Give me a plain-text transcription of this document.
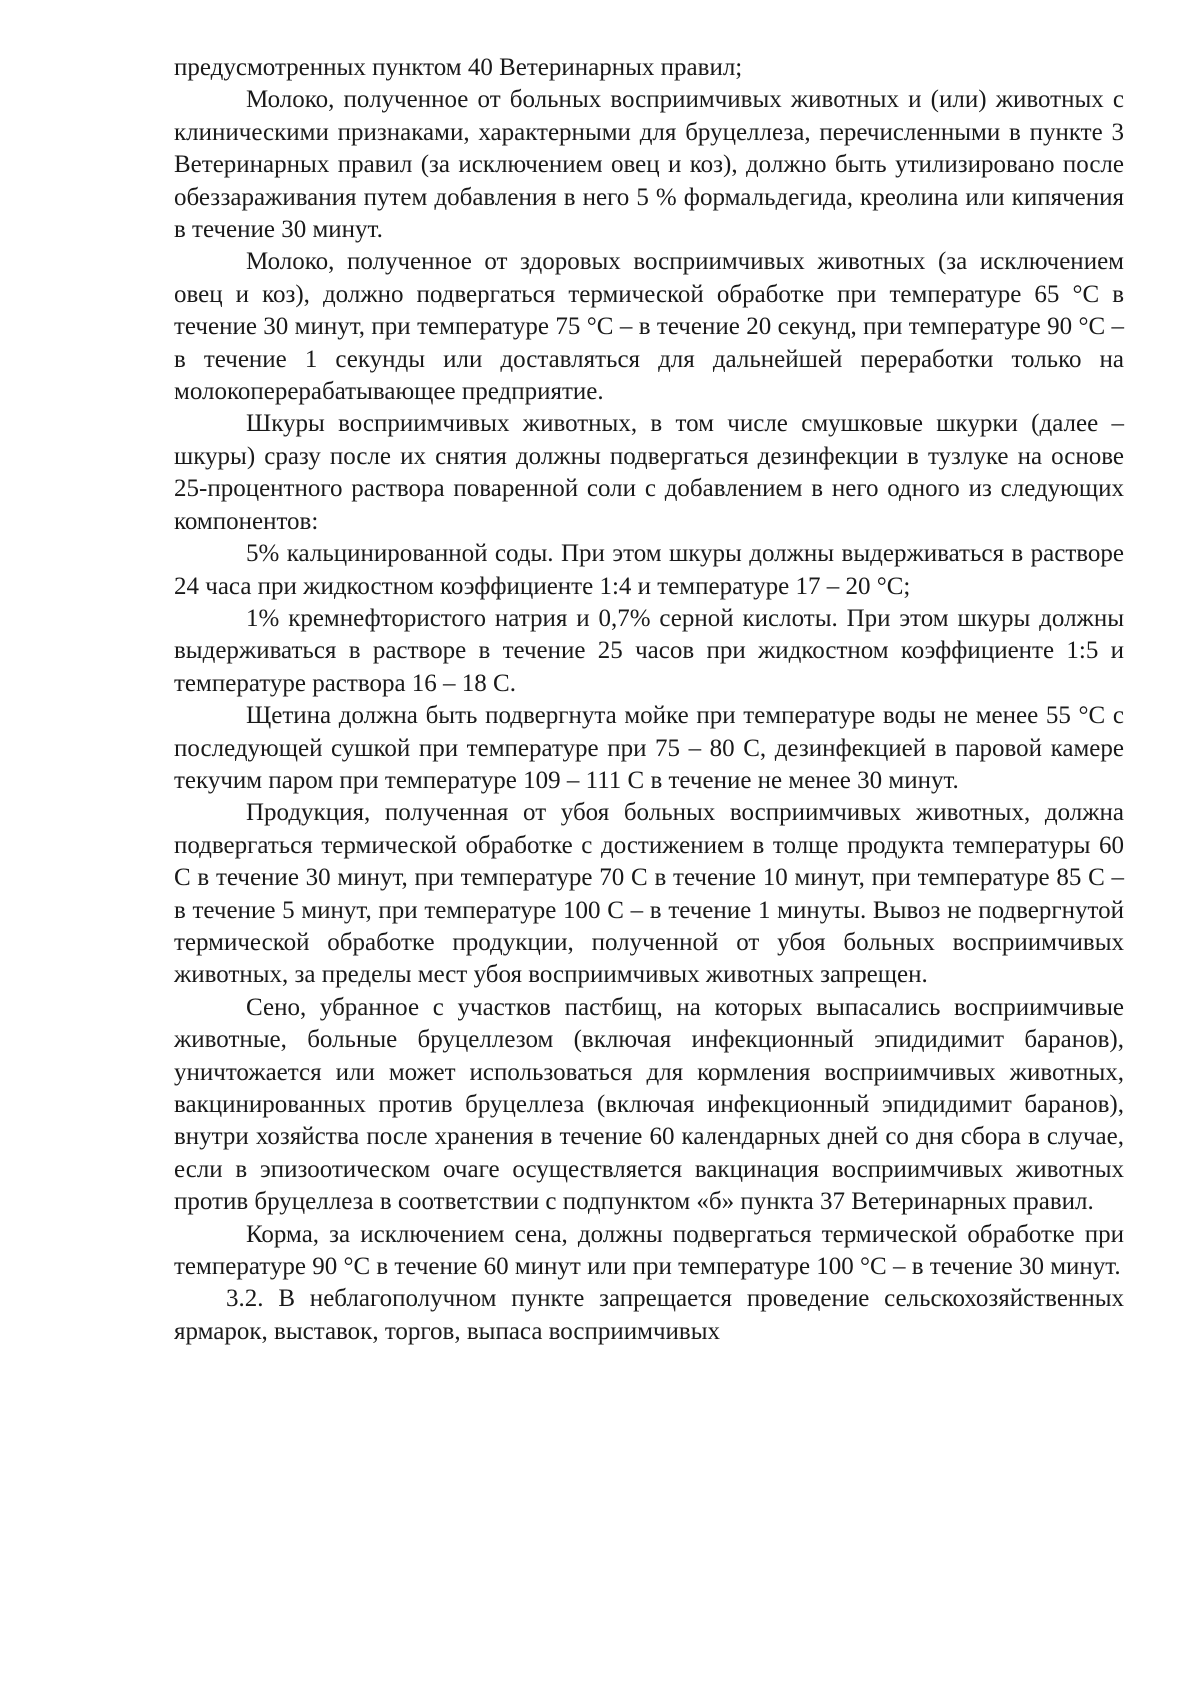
предусмотренных пунктом 40 Ветеринарных правил;

Молоко, полученное от больных восприимчивых животных и (или) животных с клиническими признаками, характерными для бруцеллеза, перечисленными в пункте 3 Ветеринарных правил (за исключением овец и коз), должно быть утилизировано после обеззараживания путем добавления в него 5 % формальдегида, креолина или кипячения в течение 30 минут.

Молоко, полученное от здоровых восприимчивых животных (за исключением овец и коз), должно подвергаться термической обработке при температуре 65 °С в течение 30 минут, при температуре 75 °С – в течение 20 секунд, при температуре 90 °С – в течение 1 секунды или доставляться для дальнейшей переработки только на молокоперерабатывающее предприятие.

Шкуры восприимчивых животных, в том числе смушковые шкурки (далее – шкуры) сразу после их снятия должны подвергаться дезинфекции в тузлуке на основе 25-процентного раствора поваренной соли с добавлением в него одного из следующих компонентов:

5% кальцинированной соды. При этом шкуры должны выдерживаться в растворе 24 часа при жидкостном коэффициенте 1:4 и температуре 17 – 20 °С;

1% кремнефтористого натрия и 0,7% серной кислоты. При этом шкуры должны выдерживаться в растворе в течение 25 часов при жидкостном коэффициенте 1:5 и температуре раствора 16 – 18 С.

Щетина должна быть подвергнута мойке при температуре воды не менее 55 °С с последующей сушкой при температуре при 75 – 80 С, дезинфекцией в паровой камере текучим паром при температуре 109 – 111 С в течение не менее 30 минут.

Продукция, полученная от убоя больных восприимчивых животных, должна подвергаться термической обработке с достижением в толще продукта температуры 60 С в течение 30 минут, при температуре 70 С в течение 10 минут, при температуре 85 С – в течение 5 минут, при температуре 100 С – в течение 1 минуты. Вывоз не подвергнутой термической обработке продукции, полученной от убоя больных восприимчивых животных, за пределы мест убоя восприимчивых животных запрещен.

Сено, убранное с участков пастбищ, на которых выпасались восприимчивые животные, больные бруцеллезом (включая инфекционный эпидидимит баранов), уничтожается или может использоваться для кормления восприимчивых животных, вакцинированных против бруцеллеза (включая инфекционный эпидидимит баранов), внутри хозяйства после хранения в течение 60 календарных дней со дня сбора в случае, если в эпизоотическом очаге осуществляется вакцинация восприимчивых животных против бруцеллеза в соответствии с подпунктом «б» пункта 37 Ветеринарных правил.

Корма, за исключением сена, должны подвергаться термической обработке при температуре 90 °С в течение 60 минут или при температуре 100 °С – в течение 30 минут.

3.2. В неблагополучном пункте запрещается проведение сельскохозяйственных ярмарок, выставок, торгов, выпаса восприимчивых
